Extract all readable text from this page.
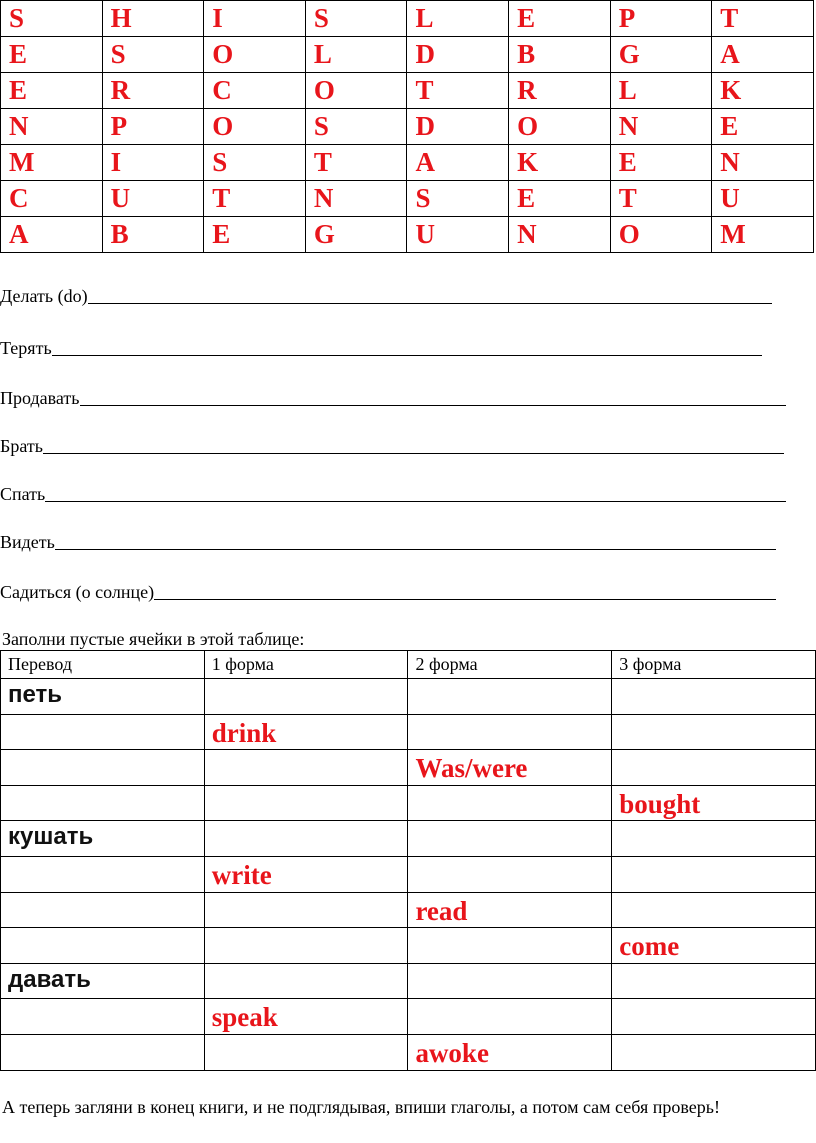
S	H	I	S	L	E	P	T
E	S	O	L	D	B	G	A
E	R	C	O	T	R	L	K
N	P	O	S	D	O	N	E
M	I	S	T	A	K	E	N
C	U	T	N	S	E	T	U
A	B	E	G	U	N	O	M
Делать (do)
Терять
Продавать
Брать
Спать
Видеть
Садиться (о солнце)
Заполни пустые ячейки в этой таблице:
Перевод	1 форма	2 форма	3 форма

петь			

	drink		

		Was/were	

			bought

кушать			

	write		

		read	

			come

давать			

	speak		

		awoke	

А теперь загляни в конец книги, и не подглядывая, впиши глаголы, а потом сам себя проверь!
